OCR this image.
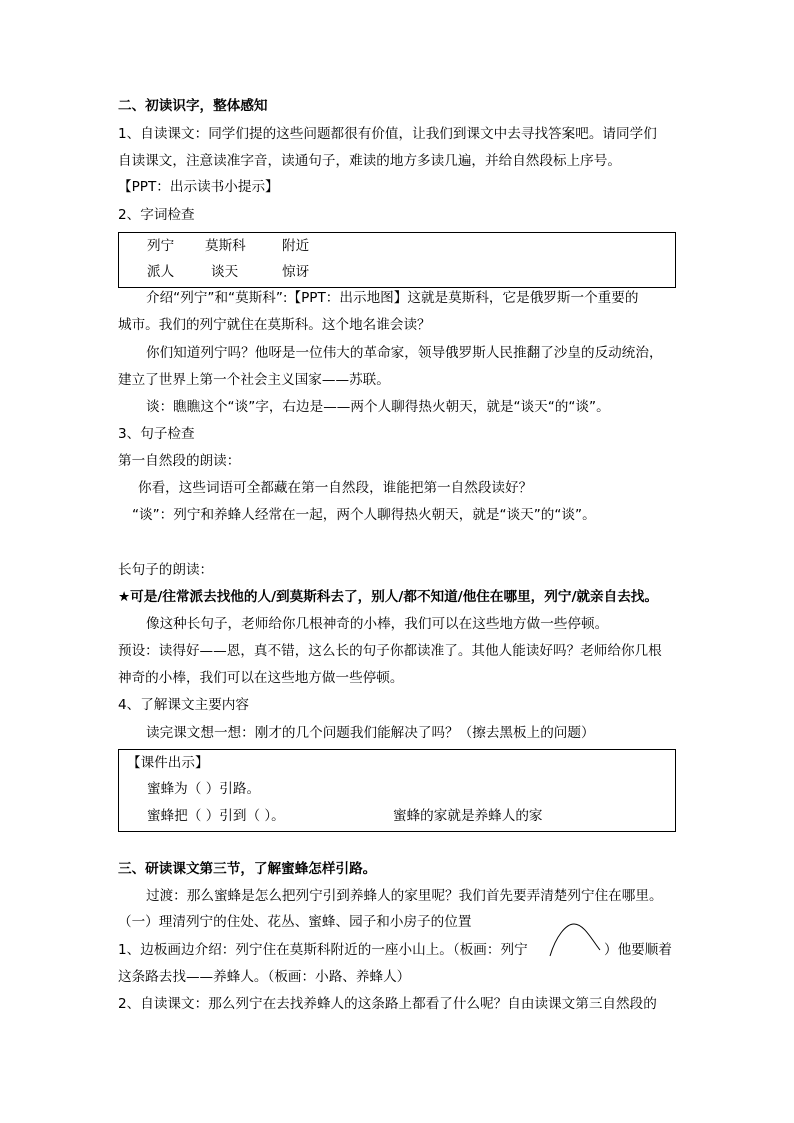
二、初读识字，整体感知
1、自读课文：同学们提的这些问题都很有价值，让我们到课文中去寻找答案吧。请同学们
自读课文，注意读准字音，读通句子，难读的地方多读几遍，并给自然段标上序号。
【PPT：出示读书小提示】
2、字词检查
列宁 莫斯科	附近
派人	谈天	惊讶
介绍“列宁”和“莫斯科”:【PPT：出示地图】这就是莫斯科，它是俄罗斯一个重要的
城市。我们的列宁就住在莫斯科。这个地名谁会读？
你们知道列宁吗？他呀是一位伟大的革命家，领导俄罗斯人民推翻了沙皇的反动统治，
建立了世界上第一个社会主义国家——苏联。
谈：瞧瞧这个“谈”字，右边是——两个人聊得热火朝天，就是“谈天“的“谈”。
3、句子检查
第一自然段的朗读：
你看，这些词语可全都藏在第一自然段，谁能把第一自然段读好？
“谈”：列宁和养蜂人经常在一起，两个人聊得热火朝天，就是“谈天”的“谈”。
长句子的朗读：
★可是/往常派去找他的人/到莫斯科去了，别人/都不知道/他住在哪里，列宁/就亲自去找。
像这种长句子，老师给你几根神奇的小棒，我们可以在这些地方做一些停顿。
预设：读得好——恩，真不错，这么长的句子你都读准了。其他人能读好吗？老师给你几根
神奇的小棒，我们可以在这些地方做一些停顿。
4、了解课文主要内容
读完课文想一想：刚才的几个问题我们能解决了吗？（擦去黑板上的问题）
【课件出示】
蜜蜂为（ ）引路。
蜜蜂把（ ）引到（ ）。	蜜蜂的家就是养蜂人的家
三、研读课文第三节，了解蜜蜂怎样引路。
过渡：那么蜜蜂是怎么把列宁引到养蜂人的家里呢？我们首先要弄清楚列宁住在哪里。
（一）理清列宁的住处、花丛、蜜蜂、园子和小房子的位置
1、边板画边介绍：列宁住在莫斯科附近的一座小山上。（板画：列宁	）他要顺着
这条路去找——养蜂人。（板画：小路、养蜂人）
2、自读课文：那么列宁在去找养蜂人的这条路上都看了什么呢？自由读课文第三自然段的
